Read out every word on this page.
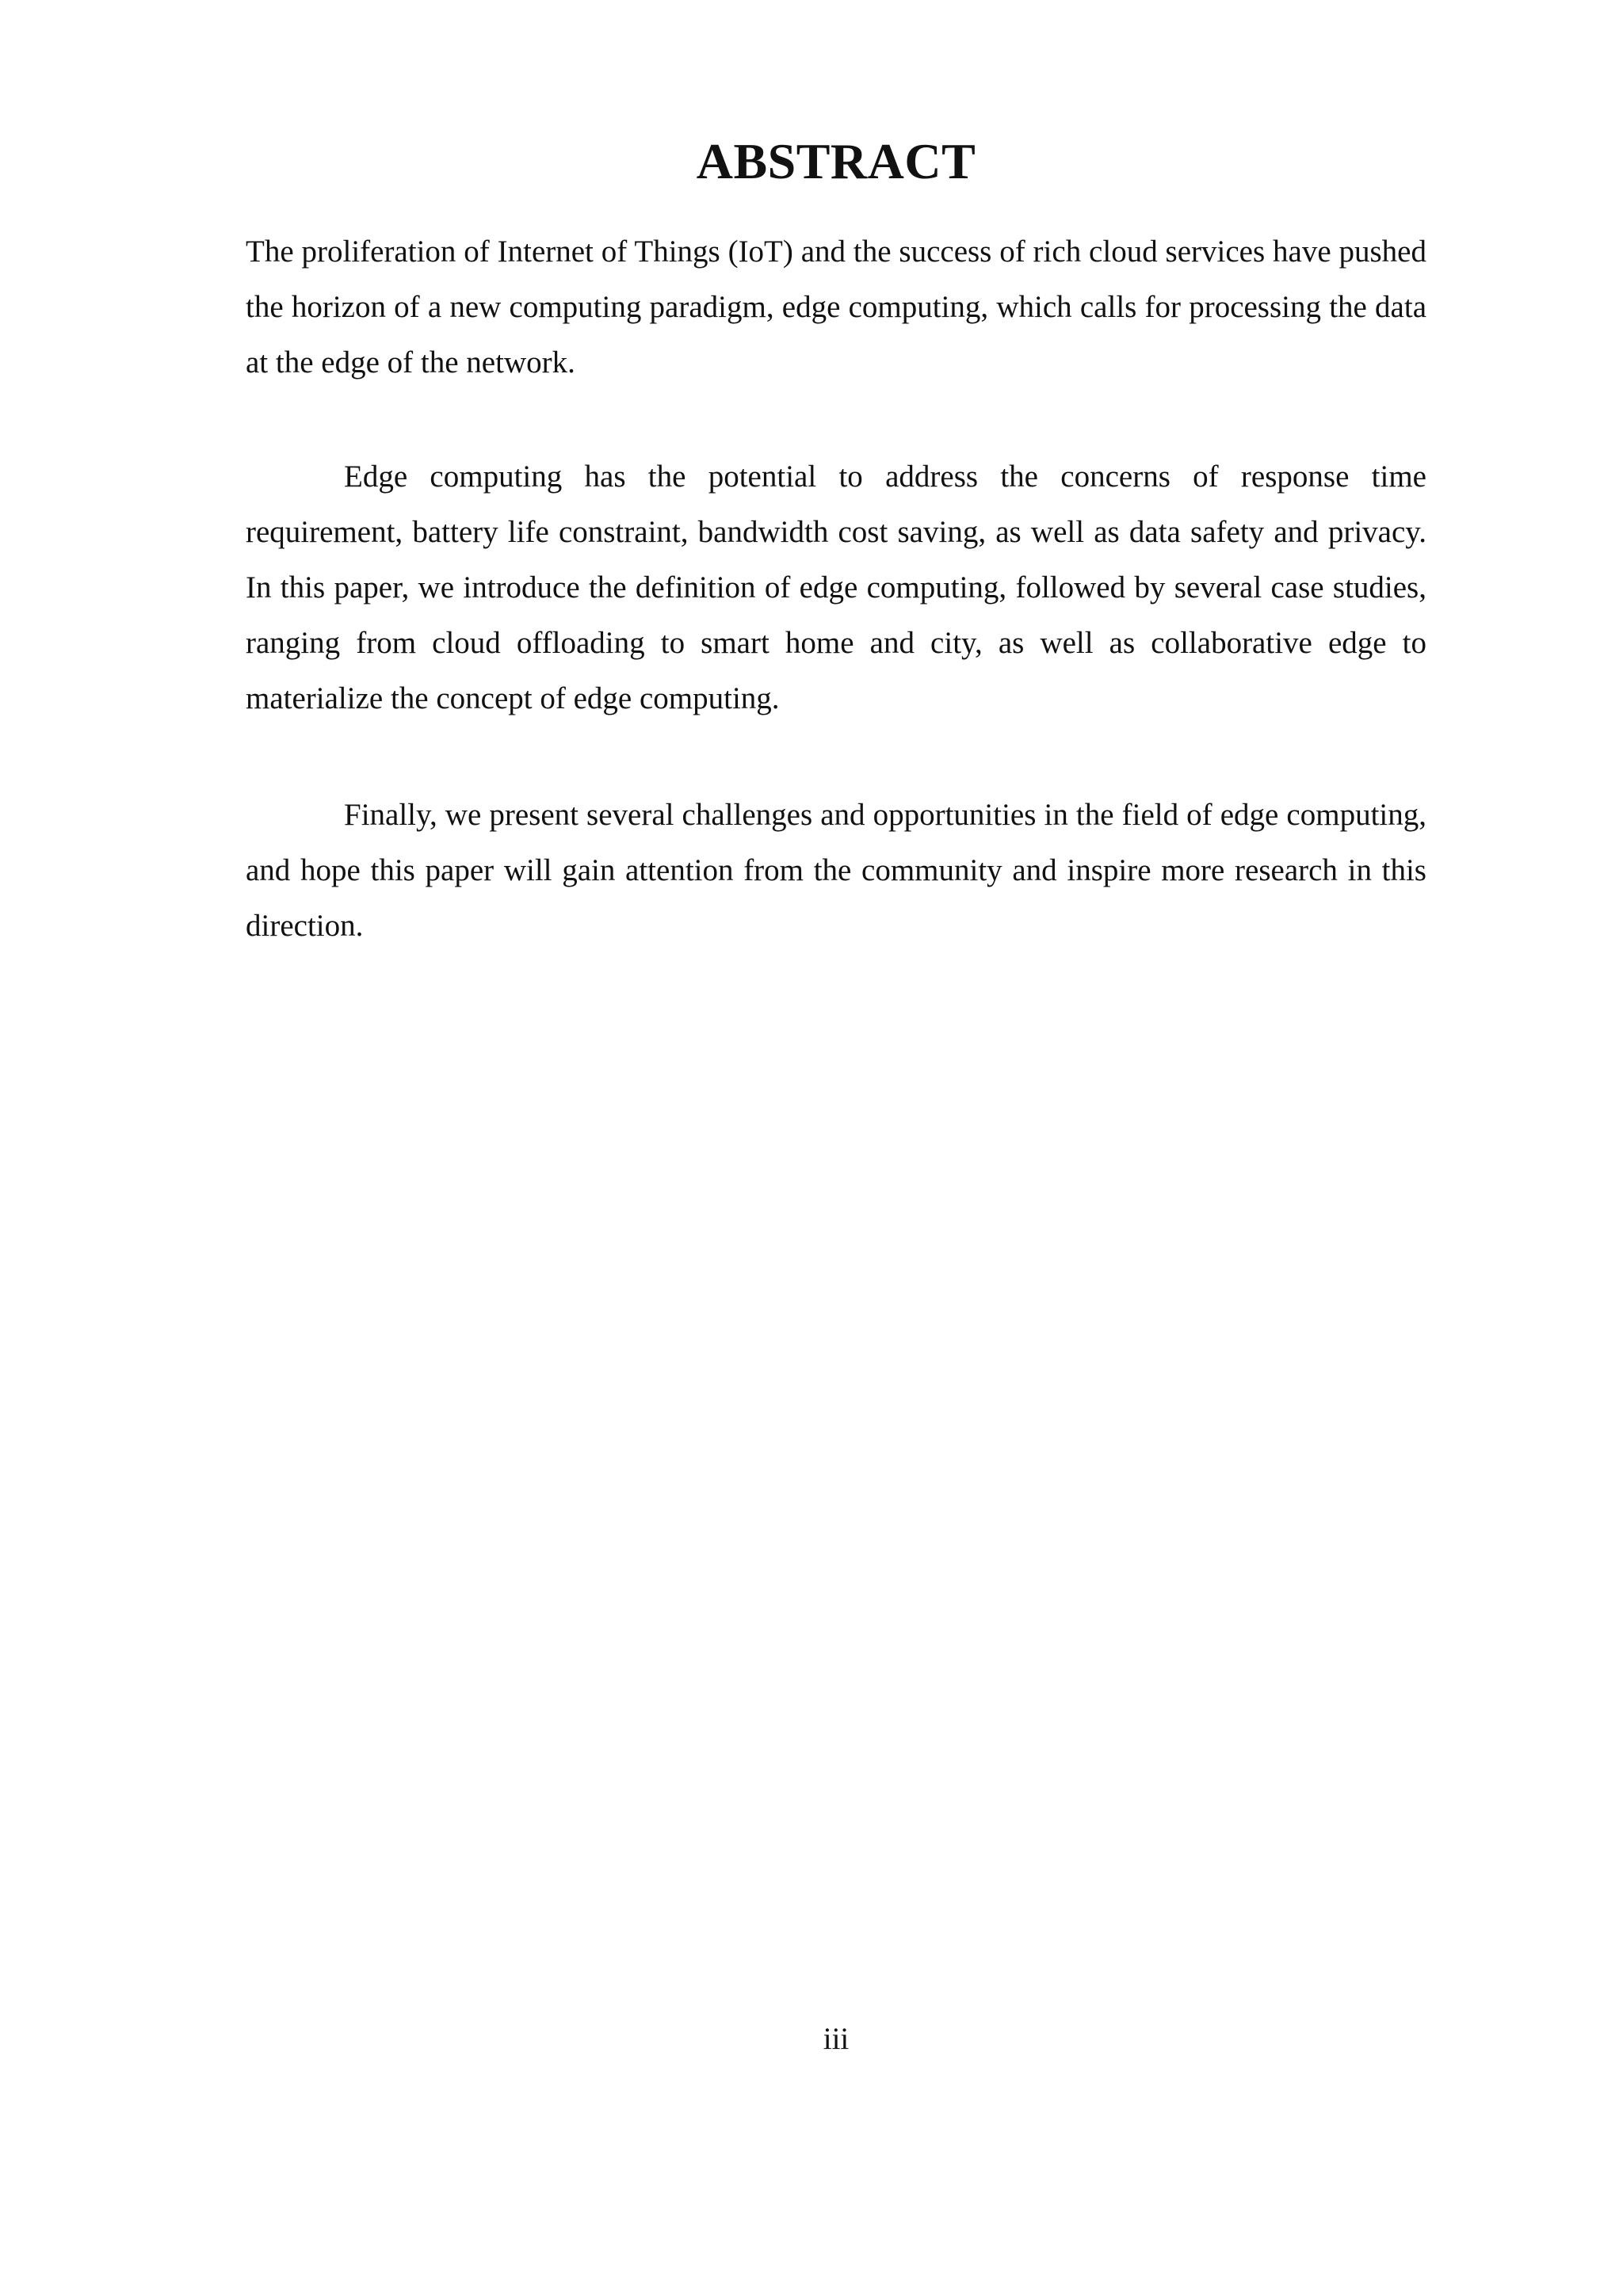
ABSTRACT

The proliferation of Internet of Things (IoT) and the success of rich cloud services have pushed the horizon of a new computing paradigm, edge computing, which calls for processing the data at the edge of the network.

Edge computing has the potential to address the concerns of response time requirement, battery life constraint, bandwidth cost saving, as well as data safety and privacy. In this paper, we introduce the definition of edge computing, followed by several case studies, ranging from cloud offloading to smart home and city, as well as collaborative edge to materialize the concept of edge computing.

Finally, we present several challenges and opportunities in the field of edge computing, and hope this paper will gain attention from the community and inspire more research in this direction.

iii
